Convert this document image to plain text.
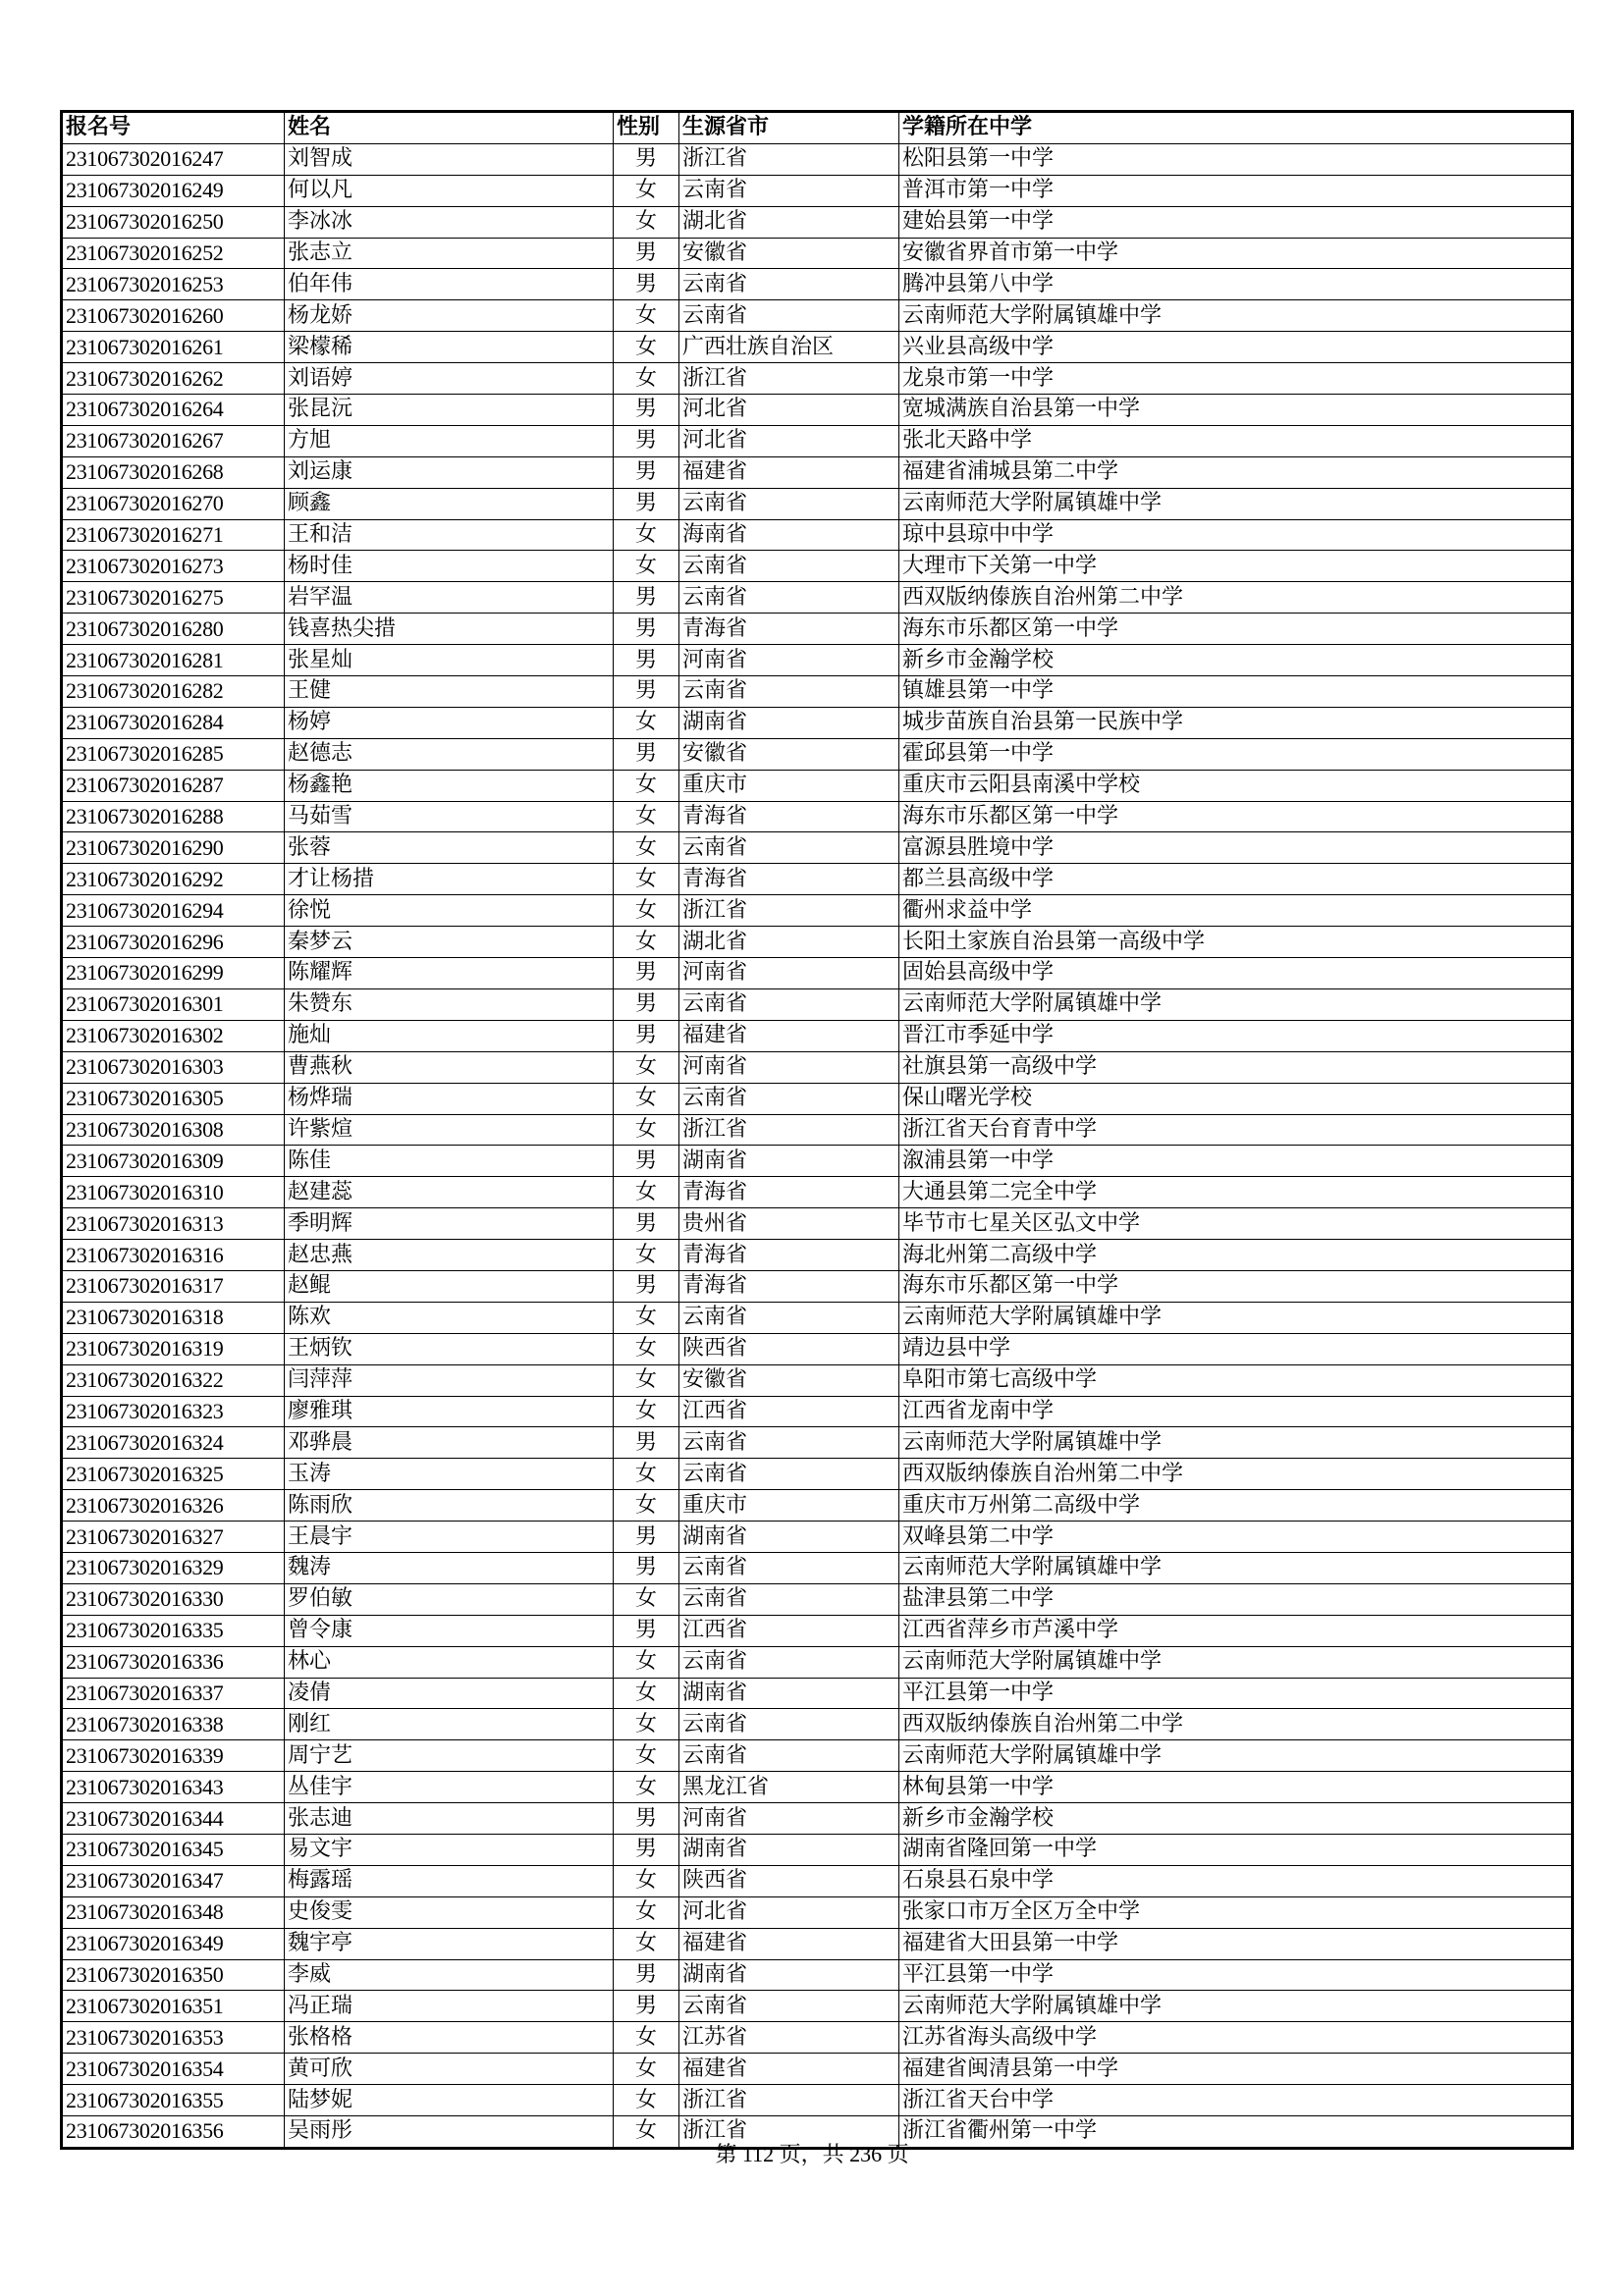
报名号	姓名	性别	生源省市	学籍所在中学
231067302016247	刘智成	男	浙江省	松阳县第一中学
231067302016249	何以凡	女	云南省	普洱市第一中学
231067302016250	李冰冰	女	湖北省	建始县第一中学
231067302016252	张志立	男	安徽省	安徽省界首市第一中学
231067302016253	伯年伟	男	云南省	腾冲县第八中学
231067302016260	杨龙娇	女	云南省	云南师范大学附属镇雄中学
231067302016261	梁檬稀	女	广西壮族自治区	兴业县高级中学
231067302016262	刘语婷	女	浙江省	龙泉市第一中学
231067302016264	张昆沅	男	河北省	宽城满族自治县第一中学
231067302016267	方旭	男	河北省	张北天路中学
231067302016268	刘运康	男	福建省	福建省浦城县第二中学
231067302016270	顾鑫	男	云南省	云南师范大学附属镇雄中学
231067302016271	王和洁	女	海南省	琼中县琼中中学
231067302016273	杨时佳	女	云南省	大理市下关第一中学
231067302016275	岩罕温	男	云南省	西双版纳傣族自治州第二中学
231067302016280	钱喜热尖措	男	青海省	海东市乐都区第一中学
231067302016281	张星灿	男	河南省	新乡市金瀚学校
231067302016282	王健	男	云南省	镇雄县第一中学
231067302016284	杨婷	女	湖南省	城步苗族自治县第一民族中学
231067302016285	赵德志	男	安徽省	霍邱县第一中学
231067302016287	杨鑫艳	女	重庆市	重庆市云阳县南溪中学校
231067302016288	马茹雪	女	青海省	海东市乐都区第一中学
231067302016290	张蓉	女	云南省	富源县胜境中学
231067302016292	才让杨措	女	青海省	都兰县高级中学
231067302016294	徐悦	女	浙江省	衢州求益中学
231067302016296	秦梦云	女	湖北省	长阳土家族自治县第一高级中学
231067302016299	陈耀辉	男	河南省	固始县高级中学
231067302016301	朱赞东	男	云南省	云南师范大学附属镇雄中学
231067302016302	施灿	男	福建省	晋江市季延中学
231067302016303	曹燕秋	女	河南省	社旗县第一高级中学
231067302016305	杨烨瑞	女	云南省	保山曙光学校
231067302016308	许紫煊	女	浙江省	浙江省天台育青中学
231067302016309	陈佳	男	湖南省	溆浦县第一中学
231067302016310	赵建蕊	女	青海省	大通县第二完全中学
231067302016313	季明辉	男	贵州省	毕节市七星关区弘文中学
231067302016316	赵忠燕	女	青海省	海北州第二高级中学
231067302016317	赵鲲	男	青海省	海东市乐都区第一中学
231067302016318	陈欢	女	云南省	云南师范大学附属镇雄中学
231067302016319	王炳钦	女	陕西省	靖边县中学
231067302016322	闫萍萍	女	安徽省	阜阳市第七高级中学
231067302016323	廖雅琪	女	江西省	江西省龙南中学
231067302016324	邓骅晨	男	云南省	云南师范大学附属镇雄中学
231067302016325	玉涛	女	云南省	西双版纳傣族自治州第二中学
231067302016326	陈雨欣	女	重庆市	重庆市万州第二高级中学
231067302016327	王晨宇	男	湖南省	双峰县第二中学
231067302016329	魏涛	男	云南省	云南师范大学附属镇雄中学
231067302016330	罗伯敏	女	云南省	盐津县第二中学
231067302016335	曾令康	男	江西省	江西省萍乡市芦溪中学
231067302016336	林心	女	云南省	云南师范大学附属镇雄中学
231067302016337	凌倩	女	湖南省	平江县第一中学
231067302016338	刚红	女	云南省	西双版纳傣族自治州第二中学
231067302016339	周宁艺	女	云南省	云南师范大学附属镇雄中学
231067302016343	丛佳宇	女	黑龙江省	林甸县第一中学
231067302016344	张志迪	男	河南省	新乡市金瀚学校
231067302016345	易文宇	男	湖南省	湖南省隆回第一中学
231067302016347	梅露瑶	女	陕西省	石泉县石泉中学
231067302016348	史俊雯	女	河北省	张家口市万全区万全中学
231067302016349	魏宇亭	女	福建省	福建省大田县第一中学
231067302016350	李威	男	湖南省	平江县第一中学
231067302016351	冯正瑞	男	云南省	云南师范大学附属镇雄中学
231067302016353	张格格	女	江苏省	江苏省海头高级中学
231067302016354	黄可欣	女	福建省	福建省闽清县第一中学
231067302016355	陆梦妮	女	浙江省	浙江省天台中学
231067302016356	吴雨彤	女	浙江省	浙江省衢州第一中学
第 112 页，共 236 页
